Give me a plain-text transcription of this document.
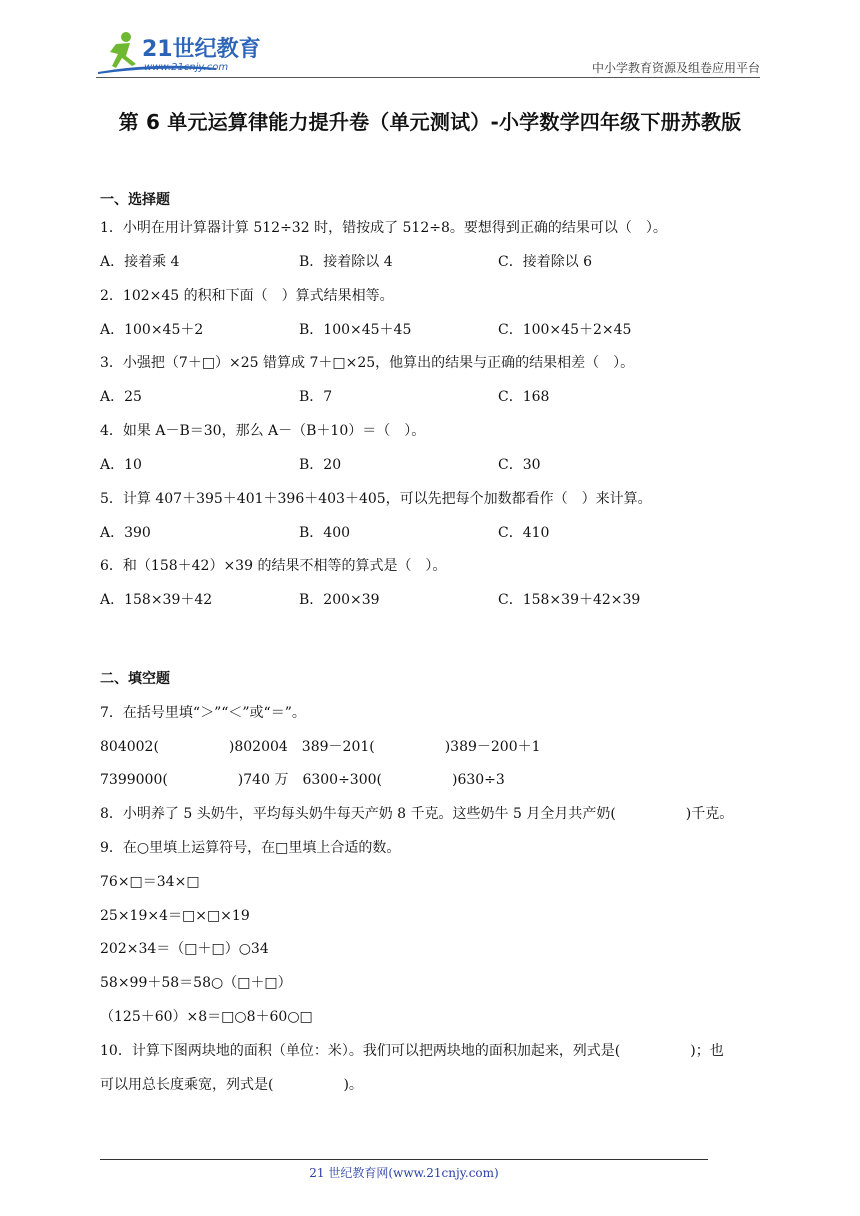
21世纪教育
www.21cnjy.com	中小学教育资源及组卷应用平台
第 6 单元运算律能力提升卷（单元测试）-小学数学四年级下册苏教版
一、选择题
1．小明在用计算器计算 512÷32 时，错按成了 512÷8。要想得到正确的结果可以（　）。
A．接着乘 4	B．接着除以 4	C．接着除以 6
2．102×45 的积和下面（　）算式结果相等。
A．100×45＋2	B．100×45＋45	C．100×45＋2×45
3．小强把（7＋□）×25 错算成 7＋□×25，他算出的结果与正确的结果相差（　）。
A．25	B．7	C．168
4．如果 A－B＝30，那么 A－（B＋10）＝（　）。
A．10	B．20	C．30
5．计算 407＋395＋401＋396＋403＋405，可以先把每个加数都看作（　）来计算。
A．390	B．400	C．410
6．和（158＋42）×39 的结果不相等的算式是（　）。
A．158×39＋42	B．200×39	C．158×39＋42×39
二、填空题
7．在括号里填“＞”“＜”或“＝”。
804002(　　　　　)802004　389－201(　　　　　)389－200＋1
7399000(　　　　　)740 万　6300÷300(　　　　　)630÷3
8．小明养了 5 头奶牛，平均每头奶牛每天产奶 8 千克。这些奶牛 5 月全月共产奶(　　　　　)千克。
9．在○里填上运算符号，在□里填上合适的数。
76×□＝34×□
25×19×4＝□×□×19
202×34＝（□＋□）○34
58×99＋58＝58○（□＋□）
（125＋60）×8＝□○8＋60○□
10．计算下图两块地的面积（单位：米）。我们可以把两块地的面积加起来，列式是(　　　　　)；也
可以用总长度乘宽，列式是(　　　　　)。
21 世纪教育网(www.21cnjy.com)
